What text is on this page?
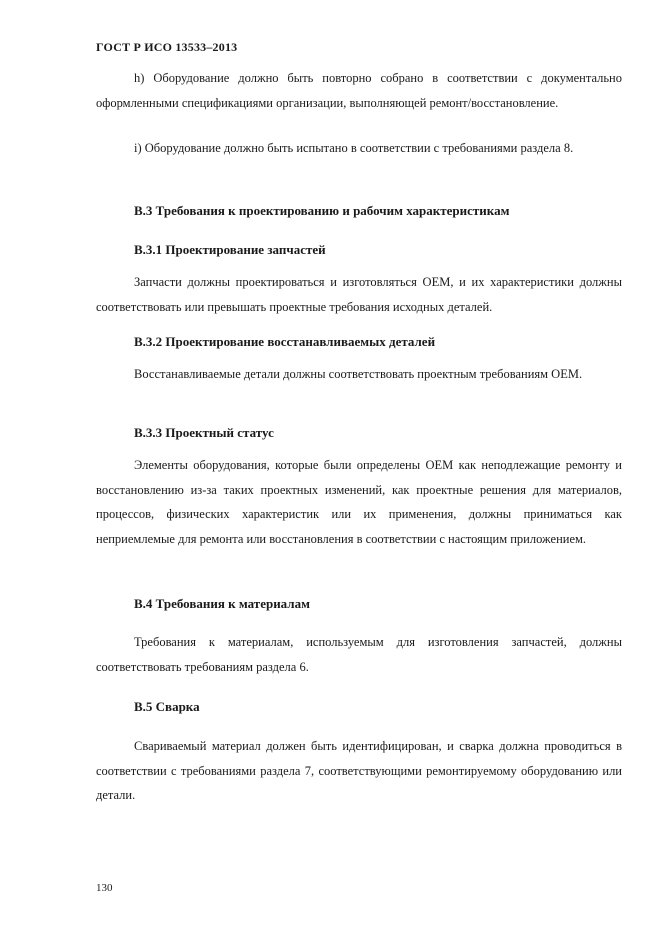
ГОСТ Р ИСО 13533–2013

h) Оборудование должно быть повторно собрано в соответствии с документально оформленными спецификациями организации, выполняющей ремонт/восстановление.

i) Оборудование должно быть испытано в соответствии с требованиями раздела 8.

B.3 Требования к проектированию и рабочим характеристикам
B.3.1 Проектирование запчастей

Запчасти должны проектироваться и изготовляться ОЕМ, и их характеристики должны соответствовать или превышать проектные требования исходных деталей.

B.3.2 Проектирование восстанавливаемых деталей

Восстанавливаемые детали должны соответствовать проектным требованиям ОЕМ.

B.3.3 Проектный статус

Элементы оборудования, которые были определены ОЕМ как неподлежащие ремонту и восстановлению из-за таких проектных изменений, как проектные решения для материалов, процессов, физических характеристик или их применения, должны приниматься как неприемлемые для ремонта или восстановления в соответствии с настоящим приложением.

B.4 Требования к материалам

Требования к материалам, используемым для изготовления запчастей, должны соответствовать требованиям раздела 6.

B.5 Сварка

Свариваемый материал должен быть идентифицирован, и сварка должна проводиться в соответствии с требованиями раздела 7, соответствующими ремонтируемому оборудованию или детали.

130
